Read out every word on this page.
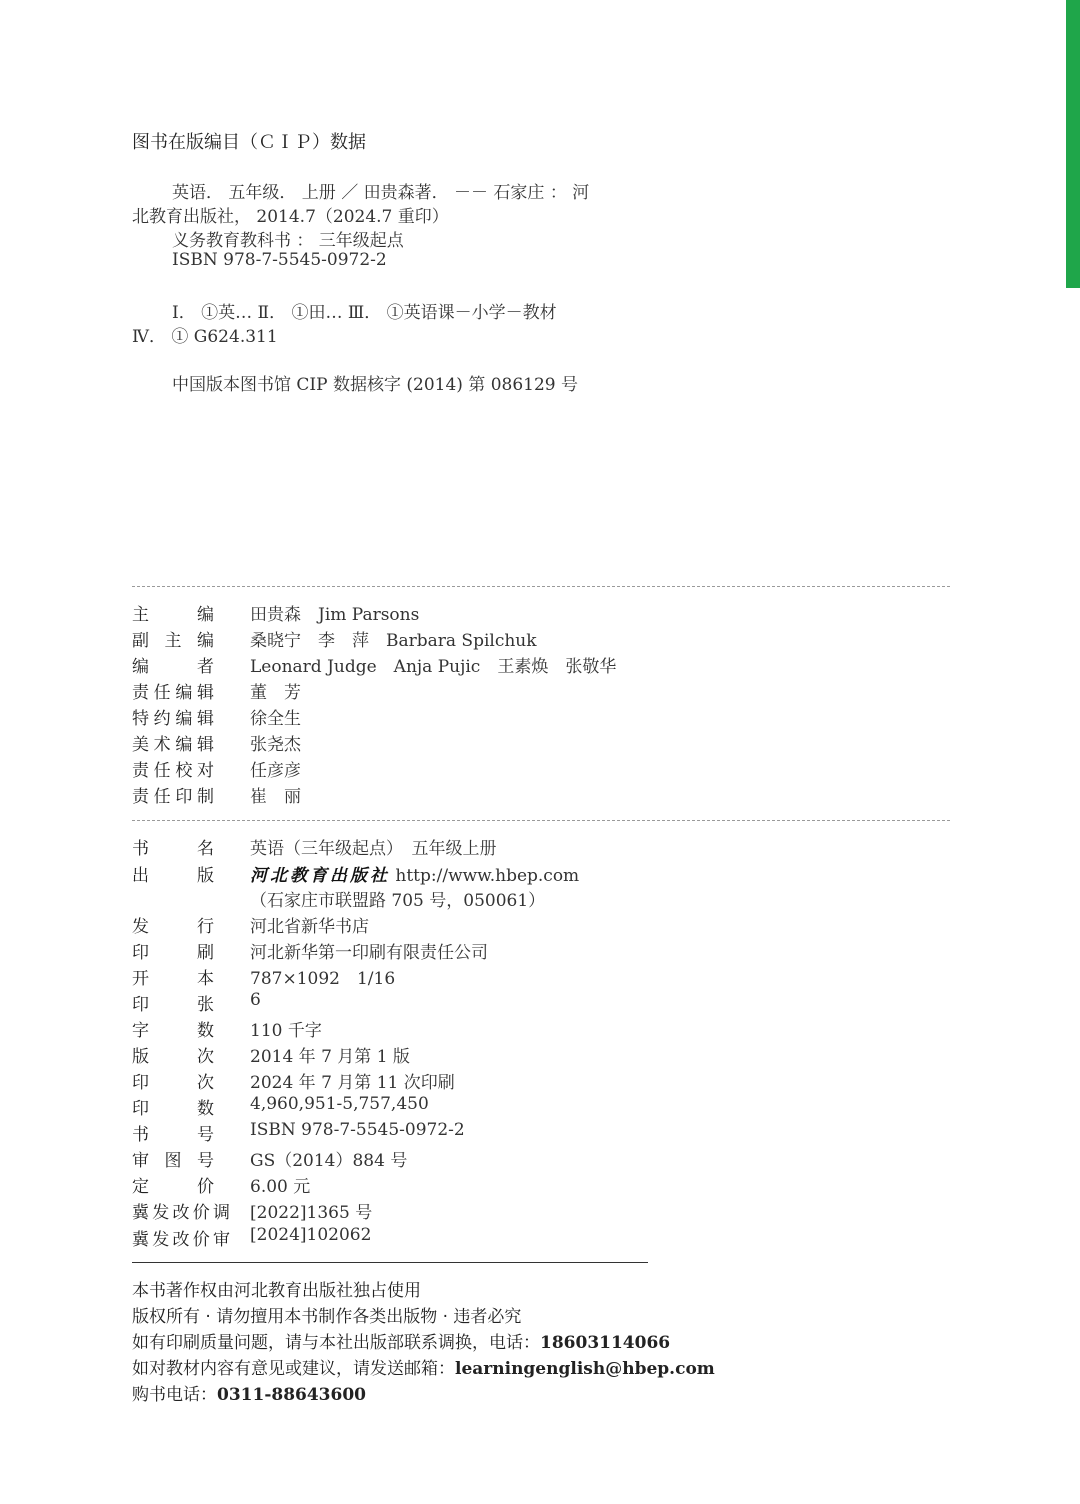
图书在版编目（ＣＩＰ）数据
英语． 五年级． 上册 ／ 田贵森著． －－ 石家庄 ： 河
北教育出版社， 2014.7（2024.7 重印）
义务教育教科书 ： 三年级起点
ISBN 978-7-5545-0972-2
Ⅰ． ①英… Ⅱ． ①田… Ⅲ． ①英语课－小学－教材
Ⅳ． ① G624.311
中国版本图书馆 CIP 数据核字 (2014) 第 086129 号
主编 田贵森　Jim Parsons
副主编 桑晓宁　李　萍　Barbara Spilchuk
编者 Leonard Judge　Anja Pujic　王素焕　张敬华
责任编辑 董　芳
特约编辑 徐全生
美术编辑 张尧杰
责任校对 任彦彦
责任印制 崔　丽
书名 英语（三年级起点）　五年级上册
出版 河北教育出版社 http://www.hbep.com
（石家庄市联盟路 705 号，050061）
发行 河北省新华书店
印刷 河北新华第一印刷有限责任公司
开本 787×1092　1/16
印张 6
字数 110 千字
版次 2014 年 7 月第 1 版
印次 2024 年 7 月第 11 次印刷
印数 4,960,951-5,757,450
书号 ISBN 978-7-5545-0972-2
审图号 GS（2014）884 号
定价 6.00 元
冀发改价调 [2022]1365 号
冀发改价审 [2024]102062
本书著作权由河北教育出版社独占使用
版权所有 · 请勿擅用本书制作各类出版物 · 违者必究
如有印刷质量问题，请与本社出版部联系调换，电话：18603114066
如对教材内容有意见或建议，请发送邮箱：learningenglish@hbep.com
购书电话：0311-88643600
